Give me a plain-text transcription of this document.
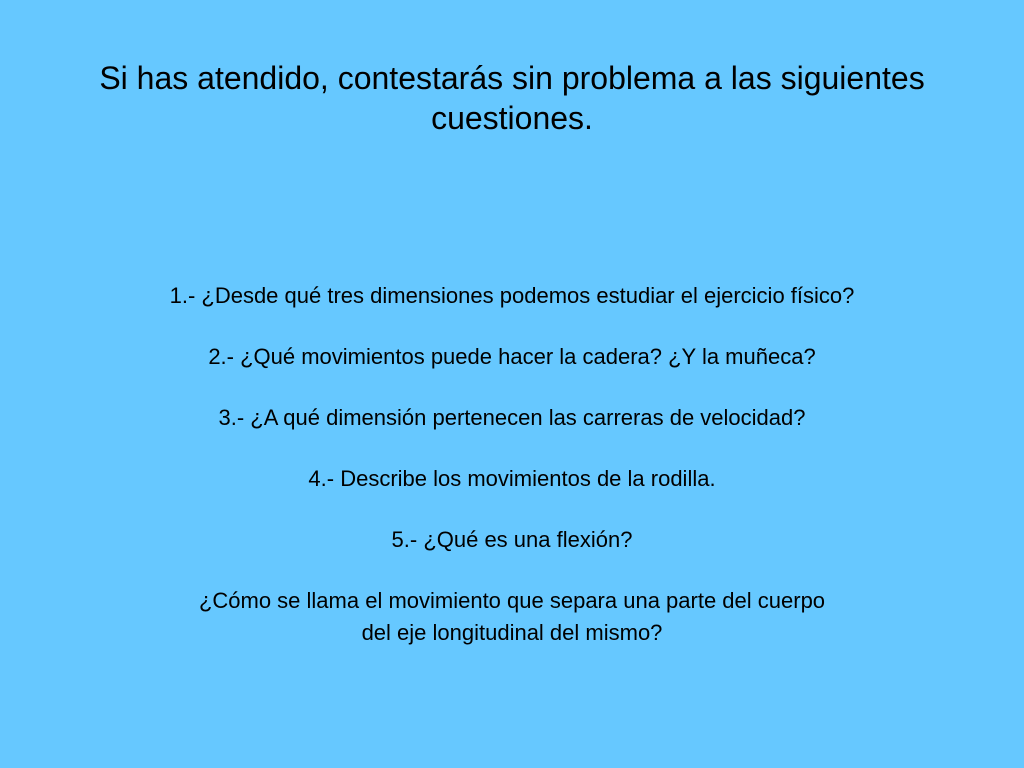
Si has atendido, contestarás sin problema a las siguientes
cuestiones.
1.- ¿Desde qué tres dimensiones podemos estudiar el ejercicio físico?
2.- ¿Qué movimientos puede hacer la cadera? ¿Y la muñeca?
3.- ¿A qué dimensión pertenecen las carreras de velocidad?
4.- Describe los movimientos de la rodilla.
5.- ¿Qué es una flexión?
¿Cómo se llama el movimiento que separa una parte del cuerpo
del eje longitudinal del mismo?
